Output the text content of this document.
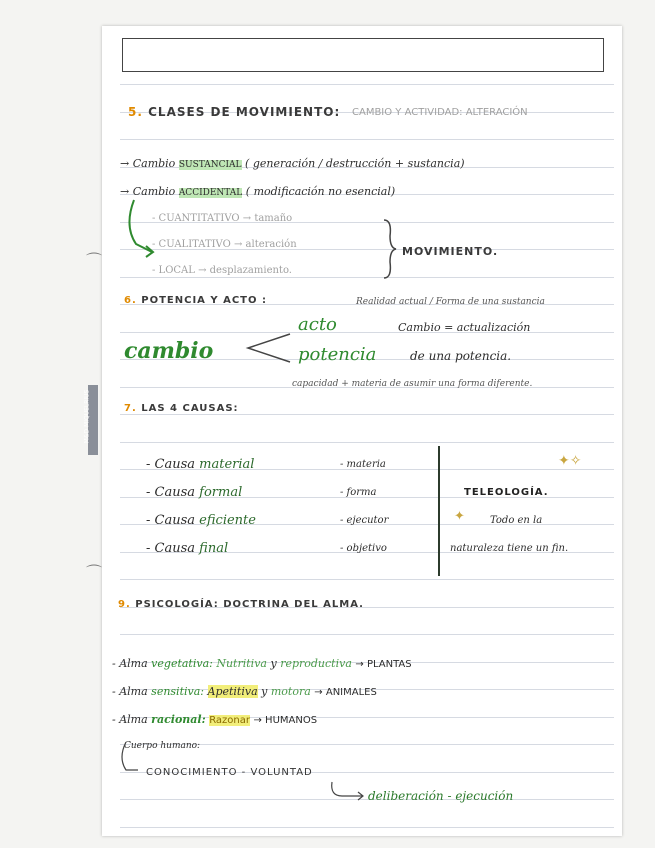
5. CLASES DE MOVIMIENTO: CAMBIO Y ACTIVIDAD: ALTERACIÓN
→ Cambio SUSTANCIAL ( generación / destrucción + sustancia)
→ Cambio ACCIDENTAL ( modificación no esencial)
- CUANTITATIVO → tamaño
- CUALITATIVO → alteración
- LOCAL → desplazamiento.
MOVIMIENTO.
6. POTENCIA Y ACTO :	Realidad actual / Forma de una sustancia
acto	Cambio = actualización
cambio	potencia	de una potencia.
capacidad + materia de asumir una forma diferente.
7. LAS 4 CAUSAS:
- Causa material	- materia
- Causa formal	- forma
- Causa eficiente	- ejecutor
- Causa final	- objetivo
✦✧
TELEOLOGÍA.
✦	Todo en la
naturaleza tiene un fin.
9. PSICOLOGÍA: DOCTRINA DEL ALMA.
- Alma vegetativa: Nutritiva y reproductiva → PLANTAS
- Alma sensitiva: Apetitiva y motora → ANIMALES
- Alma racional: Razonar → HUMANOS
Cuerpo humano:
CONOCIMIENTO - VOLUNTAD
deliberación - ejecución
⌒
⌒
M&D MIQUELRIUS
